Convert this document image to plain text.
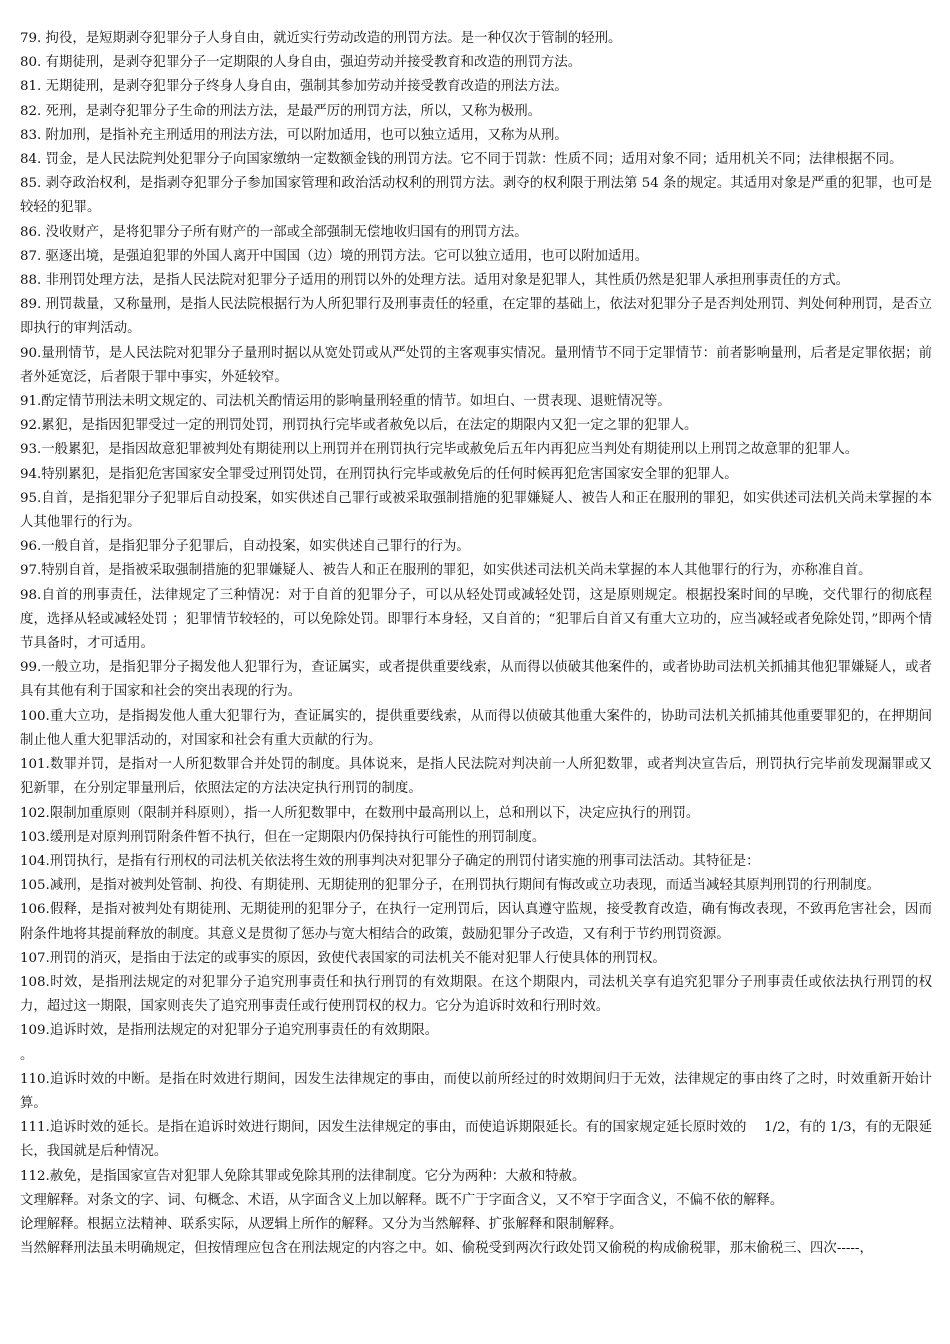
79. 拘役，是短期剥夺犯罪分子人身自由，就近实行劳动改造的刑罚方法。是一种仅次于管制的轻刑。

80. 有期徒刑，是剥夺犯罪分子一定期限的人身自由，强迫劳动并接受教育和改造的刑罚方法。

81. 无期徒刑，是剥夺犯罪分子终身人身自由，强制其参加劳动并接受教育改造的刑法方法。

82. 死刑，是剥夺犯罪分子生命的刑法方法，是最严厉的刑罚方法，所以，又称为极刑。

83. 附加刑，是指补充主刑适用的刑法方法，可以附加适用，也可以独立适用，又称为从刑。

84. 罚金，是人民法院判处犯罪分子向国家缴纳一定数额金钱的刑罚方法。它不同于罚款：性质不同；适用对象不同；适用机关不同；法律根据不同。

85. 剥夺政治权利，是指剥夺犯罪分子参加国家管理和政治活动权利的刑罚方法。剥夺的权利限于刑法第 54 条的规定。其适用对象是严重的犯罪，也可是较轻的犯罪。

86. 没收财产，是将犯罪分子所有财产的一部或全部强制无偿地收归国有的刑罚方法。

87. 驱逐出境，是强迫犯罪的外国人离开中国国（边）境的刑罚方法。它可以独立适用，也可以附加适用。

88. 非刑罚处理方法，是指人民法院对犯罪分子适用的刑罚以外的处理方法。适用对象是犯罪人，其性质仍然是犯罪人承担刑事责任的方式。

89. 刑罚裁量，又称量刑，是指人民法院根据行为人所犯罪行及刑事责任的轻重，在定罪的基础上，依法对犯罪分子是否判处刑罚、判处何种刑罚，是否立即执行的审判活动。

90.量刑情节，是人民法院对犯罪分子量刑时据以从宽处罚或从严处罚的主客观事实情况。量刑情节不同于定罪情节：前者影响量刑，后者是定罪依据；前者外延宽泛，后者限于罪中事实，外延较窄。

91.酌定情节刑法未明文规定的、司法机关酌情运用的影响量刑轻重的情节。如坦白、一贯表现、退赃情况等。

92.累犯，是指因犯罪受过一定的刑罚处罚，刑罚执行完毕或者赦免以后，在法定的期限内又犯一定之罪的犯罪人。

93.一般累犯，是指因故意犯罪被判处有期徒刑以上刑罚并在刑罚执行完毕或赦免后五年内再犯应当判处有期徒刑以上刑罚之故意罪的犯罪人。

94.特别累犯，是指犯危害国家安全罪受过刑罚处罚，在刑罚执行完毕或赦免后的任何时候再犯危害国家安全罪的犯罪人。

95.自首，是指犯罪分子犯罪后自动投案，如实供述自己罪行或被采取强制措施的犯罪嫌疑人、被告人和正在服刑的罪犯，如实供述司法机关尚未掌握的本人其他罪行的行为。

96.一般自首，是指犯罪分子犯罪后，自动投案，如实供述自己罪行的行为。

97.特别自首，是指被采取强制措施的犯罪嫌疑人、被告人和正在服刑的罪犯，如实供述司法机关尚未掌握的本人其他罪行的行为，亦称准自首。

98.自首的刑事责任，法律规定了三种情况：对于自首的犯罪分子，可以从轻处罚或减轻处罚，这是原则规定。根据投案时间的早晚，交代罪行的彻底程度，选择从轻或减轻处罚 ；犯罪情节较轻的，可以免除处罚。即罪行本身轻，又自首的；“犯罪后自首又有重大立功的，应当减轻或者免除处罚，”即两个情节具备时，才可适用。

99.一般立功，是指犯罪分子揭发他人犯罪行为，查证属实，或者提供重要线索，从而得以侦破其他案件的，或者协助司法机关抓捕其他犯罪嫌疑人，或者具有其他有利于国家和社会的突出表现的行为。

100.重大立功，是指揭发他人重大犯罪行为，查证属实的，提供重要线索，从而得以侦破其他重大案件的，协助司法机关抓捕其他重要罪犯的，在押期间制止他人重大犯罪活动的，对国家和社会有重大贡献的行为。

101.数罪并罚，是指对一人所犯数罪合并处罚的制度。具体说来，是指人民法院对判决前一人所犯数罪，或者判决宣告后，刑罚执行完毕前发现漏罪或又犯新罪，在分别定罪量刑后，依照法定的方法决定执行刑罚的制度。

102.限制加重原则（限制并科原则），指一人所犯数罪中，在数刑中最高刑以上，总和刑以下，决定应执行的刑罚。

103.缓刑是对原判刑罚附条件暂不执行，但在一定期限内仍保持执行可能性的刑罚制度。

104.刑罚执行，是指有行刑权的司法机关依法将生效的刑事判决对犯罪分子确定的刑罚付诸实施的刑事司法活动。其特征是：

105.减刑，是指对被判处管制、拘役、有期徒刑、无期徒刑的犯罪分子，在刑罚执行期间有悔改或立功表现，而适当减轻其原判刑罚的行刑制度。

106.假释，是指对被判处有期徒刑、无期徒刑的犯罪分子，在执行一定刑罚后，因认真遵守监规，接受教育改造，确有悔改表现，不致再危害社会，因而附条件地将其提前释放的制度。其意义是贯彻了惩办与宽大相结合的政策，鼓励犯罪分子改造，又有利于节约刑罚资源。

107.刑罚的消灭，是指由于法定的或事实的原因，致使代表国家的司法机关不能对犯罪人行使具体的刑罚权。

108.时效，是指刑法规定的对犯罪分子追究刑事责任和执行刑罚的有效期限。在这个期限内，司法机关享有追究犯罪分子刑事责任或依法执行刑罚的权力，超过这一期限，国家则丧失了追究刑事责任或行使刑罚权的权力。它分为追诉时效和行刑时效。

109.追诉时效，是指刑法规定的对犯罪分子追究刑事责任的有效期限。

。

110.追诉时效的中断。是指在时效进行期间，因发生法律规定的事由，而使以前所经过的时效期间归于无效，法律规定的事由终了之时，时效重新开始计算。

111.追诉时效的延长。是指在追诉时效进行期间，因发生法律规定的事由，而使追诉期限延长。有的国家规定延长原时效的　 1/2，有的 1/3，有的无限延长，我国就是后种情况。

112.赦免，是指国家宣告对犯罪人免除其罪或免除其刑的法律制度。它分为两种：大赦和特赦。

文理解释。对条文的字、词、句概念、术语，从字面含义上加以解释。既不广于字面含义，又不窄于字面含义，不偏不依的解释。

论理解释。根据立法精神、联系实际，从逻辑上所作的解释。又分为当然解释、扩张解释和限制解释。

当然解释刑法虽未明确规定，但按情理应包含在刑法规定的内容之中。如、偷税受到两次行政处罚又偷税的构成偷税罪，那末偷税三、四次-----，
